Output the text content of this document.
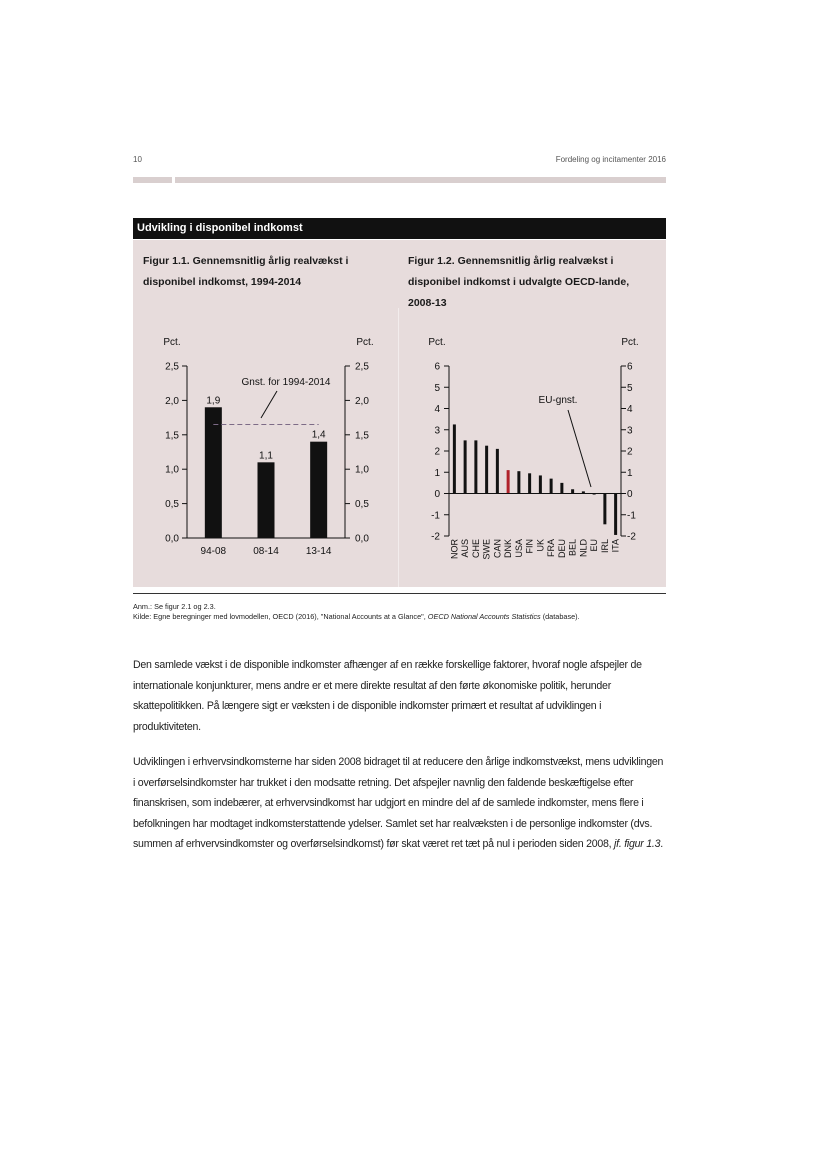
10	Fordeling og incitamenter 2016
Udvikling i disponibel indkomst
Figur 1.1. Gennemsnitlig årlig realvækst i
disponibel indkomst, 1994-2014
Figur 1.2. Gennemsnitlig årlig realvækst i
disponibel indkomst i udvalgte OECD-lande,
2008-13
Pct.	Pct.
0,0	0,0
0,5	0,5
1,0	1,0
1,5	1,5
2,0	2,0
2,5	2,5
1,9
94-08
1,1
08-14
1,4
13-14
Gnst. for 1994-2014
Pct.	Pct.
-2	-2
-1	-1
0	0
1	1
2	2
3	3
4	4
5	5
6	6
NOR AUS CHE SWE CAN DNK USA FIN UK FRA DEU BEL NLD EU IRL ITA
EU-gnst.
Anm.: Se figur 2.1 og 2.3.
Kilde: Egne beregninger med lovmodellen, OECD (2016), "National Accounts at a Glance", OECD National Accounts Statistics (database).
Den samlede vækst i de disponible indkomster afhænger af en række forskellige faktorer, hvoraf nogle afspejler de internationale konjunkturer, mens andre er et mere direkte resultat af den førte økonomiske politik, herunder skattepolitikken. På længere sigt er væksten i de disponible indkomster primært et resultat af udviklingen i produktiviteten.
Udviklingen i erhvervsindkomsterne har siden 2008 bidraget til at reducere den årlige indkomstvækst, mens udviklingen i overførselsindkomster har trukket i den modsatte retning. Det afspejler navnlig den faldende beskæftigelse efter finanskrisen, som indebærer, at erhvervsindkomst har udgjort en mindre del af de samlede indkomster, mens flere i befolkningen har modtaget indkomsterstattende ydelser. Samlet set har realvæksten i de personlige indkomster (dvs. summen af erhvervsindkomster og overførselsindkomst) før skat været ret tæt på nul i perioden siden 2008, jf. figur 1.3.
